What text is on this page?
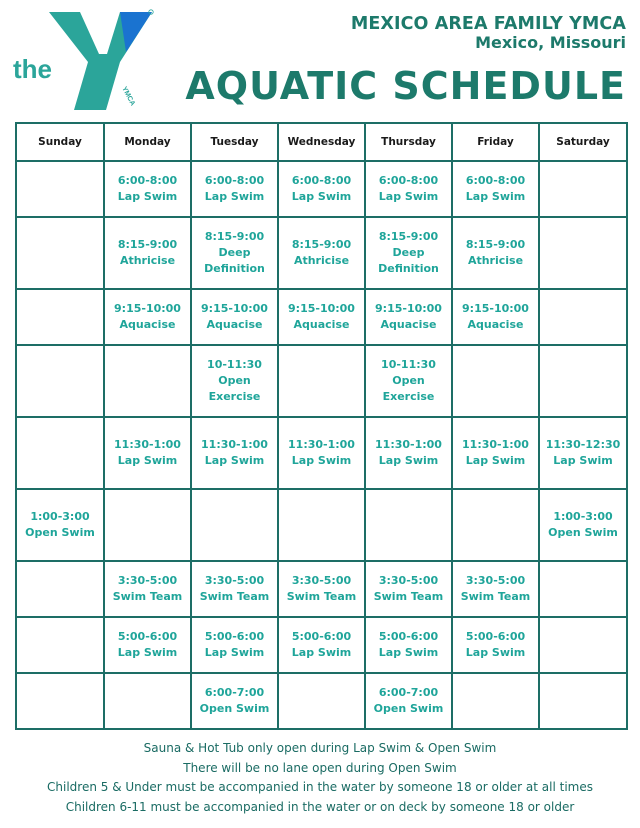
the
YMCA
MEXICO AREA FAMILY YMCA
Mexico, Missouri
AQUATIC SCHEDULE
Sunday	Monday	Tuesday	Wednesday	Thursday	Friday	Saturday

	6:00-8:00
Lap Swim	6:00-8:00
Lap Swim	6:00-8:00
Lap Swim	6:00-8:00
Lap Swim	6:00-8:00
Lap Swim	

	8:15-9:00
Athricise	8:15-9:00
Deep
Definition	8:15-9:00
Athricise	8:15-9:00
Deep
Definition	8:15-9:00
Athricise	

	9:15-10:00
Aquacise	9:15-10:00
Aquacise	9:15-10:00
Aquacise	9:15-10:00
Aquacise	9:15-10:00
Aquacise	

		10-11:30
Open
Exercise		10-11:30
Open
Exercise		

	11:30-1:00
Lap Swim	11:30-1:00
Lap Swim	11:30-1:00
Lap Swim	11:30-1:00
Lap Swim	11:30-1:00
Lap Swim	11:30-12:30
Lap Swim

1:00-3:00
Open Swim						1:00-3:00
Open Swim

	3:30-5:00
Swim Team	3:30-5:00
Swim Team	3:30-5:00
Swim Team	3:30-5:00
Swim Team	3:30-5:00
Swim Team	

	5:00-6:00
Lap Swim	5:00-6:00
Lap Swim	5:00-6:00
Lap Swim	5:00-6:00
Lap Swim	5:00-6:00
Lap Swim	

		6:00-7:00
Open Swim		6:00-7:00
Open Swim		

Sauna & Hot Tub only open during Lap Swim & Open Swim
There will be no lane open during Open Swim
Children 5 & Under must be accompanied in the water by someone 18 or older at all times
Children 6-11 must be accompanied in the water or on deck by someone 18 or older
